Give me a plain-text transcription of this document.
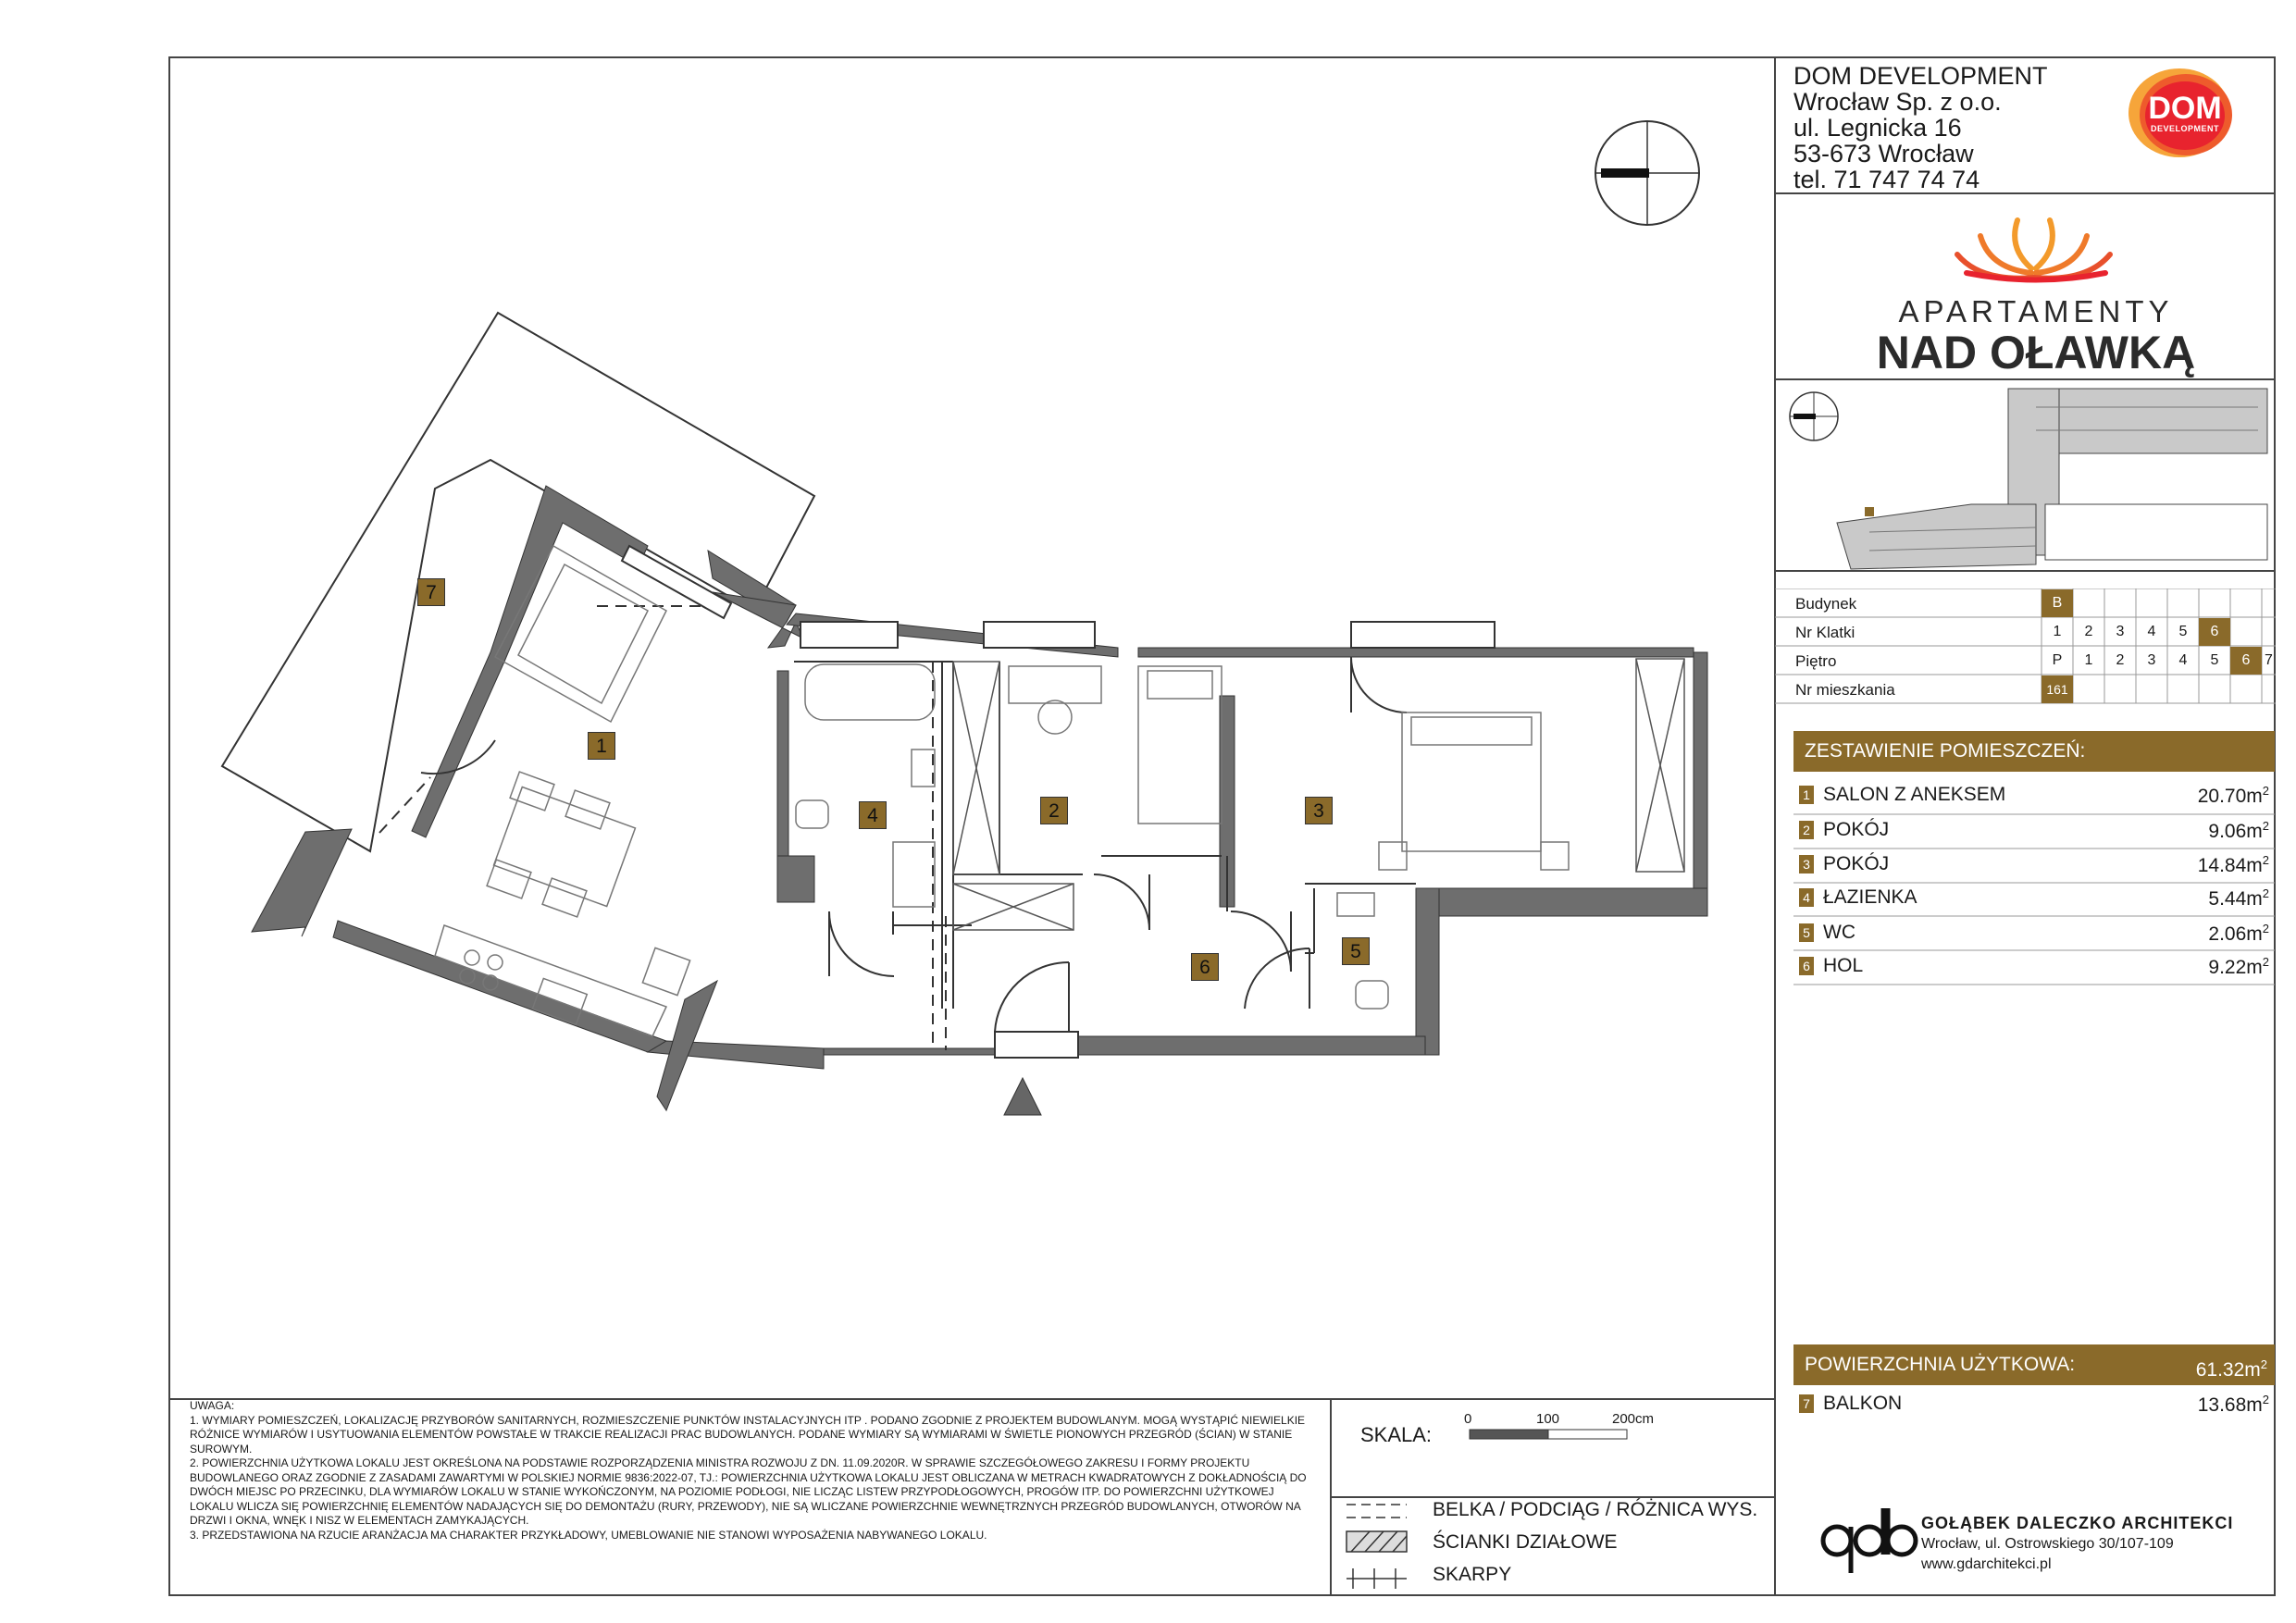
1
2	3
4
5
6
7
DOM DEVELOPMENT
Wrocław Sp. z o.o.
ul. Legnicka 16
53-673 Wrocław
tel. 71 747 74 74
DOM
DEVELOPMENT
APARTAMENTY
NAD OŁAWKĄ
Budynek	B
Nr Klatki	1	2	3	4	5	6
Piętro	P	1	2	3	4	5	6 7
Nr mieszkania	161
ZESTAWIENIE POMIESZCZEŃ:
1 SALON Z ANEKSEM	$20.70m^2$
2 POKÓJ	$9.06m^2$
3 POKÓJ	$14.84m^2$
4 ŁAZIENKA	$5.44m^2$
5 WC	$2.06m^2$
6 HOL	$9.22m^2$
POWIERZCHNIA UŻYTKOWA:	$61.32m^2$
7 BALKON	$13.68m^2$
UWAGA:
1. WYMIARY POMIESZCZEŃ, LOKALIZACJĘ PRZYBORÓW SANITARNYCH, ROZMIESZCZENIE PUNKTÓW INSTALACYJNYCH ITP . PODANO ZGODNIE Z PROJEKTEM BUDOWLANYM. MOGĄ WYSTĄPIĆ NIEWIELKIE RÓŻNICE WYMIARÓW I USYTUOWANIA ELEMENTÓW POWSTAŁE W TRAKCIE REALIZACJI PRAC BUDOWLANYCH. PODANE WYMIARY SĄ WYMIARAMI W ŚWIETLE PIONOWYCH PRZEGRÓD (ŚCIAN) W STANIE SUROWYM.
2. POWIERZCHNIA UŻYTKOWA LOKALU JEST OKREŚLONA NA PODSTAWIE ROZPORZĄDZENIA MINISTRA ROZWOJU Z DN. 11.09.2020R. W SPRAWIE SZCZEGÓŁOWEGO ZAKRESU I FORMY PROJEKTU BUDOWLANEGO ORAZ ZGODNIE Z ZASADAMI ZAWARTYMI W POLSKIEJ NORMIE 9836:2022-07, TJ.: POWIERZCHNIA UŻYTKOWA LOKALU JEST OBLICZANA W METRACH KWADRATOWYCH Z DOKŁADNOŚCIĄ DO DWÓCH MIEJSC PO PRZECINKU, DLA WYMIARÓW LOKALU W STANIE WYKOŃCZONYM, NA POZIOMIE PODŁOGI, NIE LICZĄC LISTEW PRZYPODŁOGOWYCH, PROGÓW ITP. DO POWIERZCHNI UŻYTKOWEJ LOKALU WLICZA SIĘ POWIERZCHNIĘ ELEMENTÓW NADAJĄCYCH SIĘ DO DEMONTAŻU (RURY, PRZEWODY), NIE SĄ WLICZANE POWIERZCHNIE WEWNĘTRZNYCH PRZEGRÓD BUDOWLANYCH, OTWORÓW NA DRZWI I OKNA, WNĘK I NISZ W ELEMENTACH ZAMYKAJĄCYCH.
3. PRZEDSTAWIONA NA RZUCIE ARANŻACJA MA CHARAKTER PRZYKŁADOWY, UMEBLOWANIE NIE STANOWI WYPOSAŻENIA NABYWANEGO LOKALU.
SKALA:
0	100	200cm
BELKA / PODCIĄG / RÓŻNICA WYS.
ŚCIANKI DZIAŁOWE
SKARPY
GOŁĄBEK DALECZKO ARCHITEKCI
Wrocław, ul. Ostrowskiego 30/107-109
www.gdarchitekci.pl
